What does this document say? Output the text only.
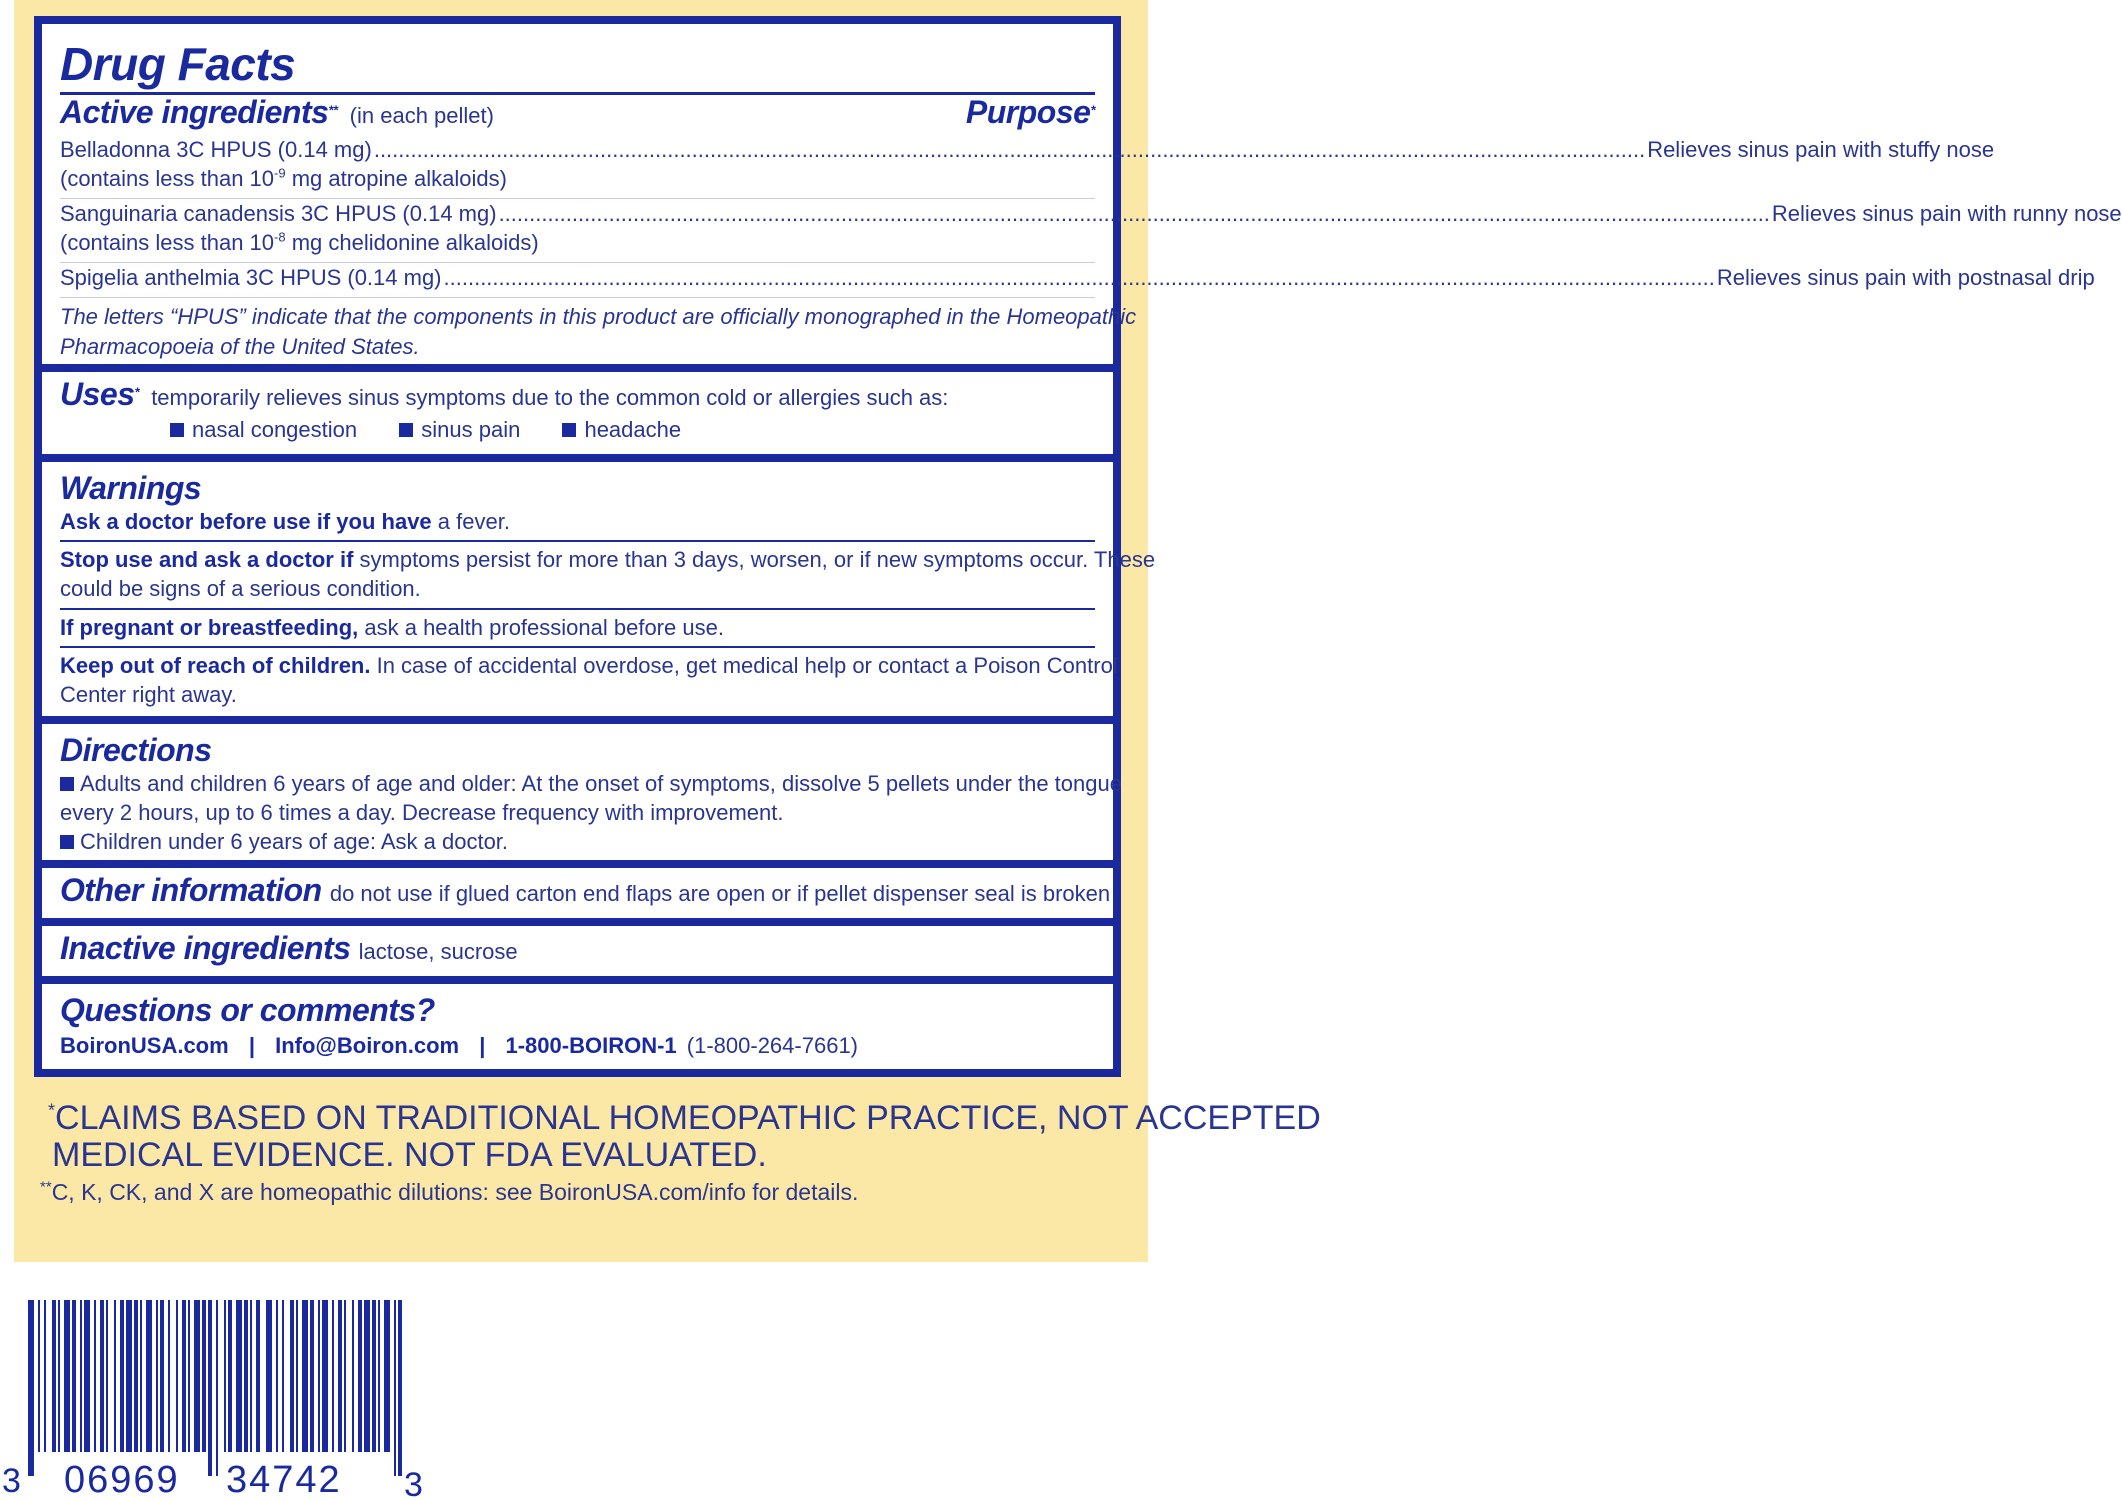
Drug Facts
Active ingredients** (in each pellet)	Purpose*
Belladonna 3C HPUS (0.14 mg) .....	Relieves sinus pain with stuffy nose
(contains less than $10^{-9}$ mg atropine alkaloids)
Sanguinaria canadensis 3C HPUS (0.14 mg) .....	Relieves sinus pain with runny nose
(contains less than $10^{-8}$ mg chelidonine alkaloids)
Spigelia anthelmia 3C HPUS (0.14 mg) .....	Relieves sinus pain with postnasal drip
The letters “HPUS” indicate that the components in this product are officially monographed in the Homeopathic
Pharmacopoeia of the United States.
Uses* temporarily relieves sinus symptoms due to the common cold or allergies such as:
nasal congestion	sinus pain	headache
Warnings
Ask a doctor before use if you have a fever.
Stop use and ask a doctor if symptoms persist for more than 3 days, worsen, or if new symptoms occur. These
could be signs of a serious condition.
If pregnant or breastfeeding, ask a health professional before use.
Keep out of reach of children. In case of accidental overdose, get medical help or contact a Poison Control
Center right away.
Directions
Adults and children 6 years of age and older: At the onset of symptoms, dissolve 5 pellets under the tongue
every 2 hours, up to 6 times a day. Decrease frequency with improvement.
Children under 6 years of age: Ask a doctor.
Other information do not use if glued carton end flaps are open or if pellet dispenser seal is broken
Inactive ingredients lactose, sucrose
Questions or comments?
BoironUSA.com | Info@Boiron.com | 1-800-BOIRON-1 (1-800-264-7661)
*CLAIMS BASED ON TRADITIONAL HOMEOPATHIC PRACTICE, NOT ACCEPTED
MEDICAL EVIDENCE. NOT FDA EVALUATED.
**C, K, CK, and X are homeopathic dilutions: see BoironUSA.com/info for details.
3 06969 34742 3
